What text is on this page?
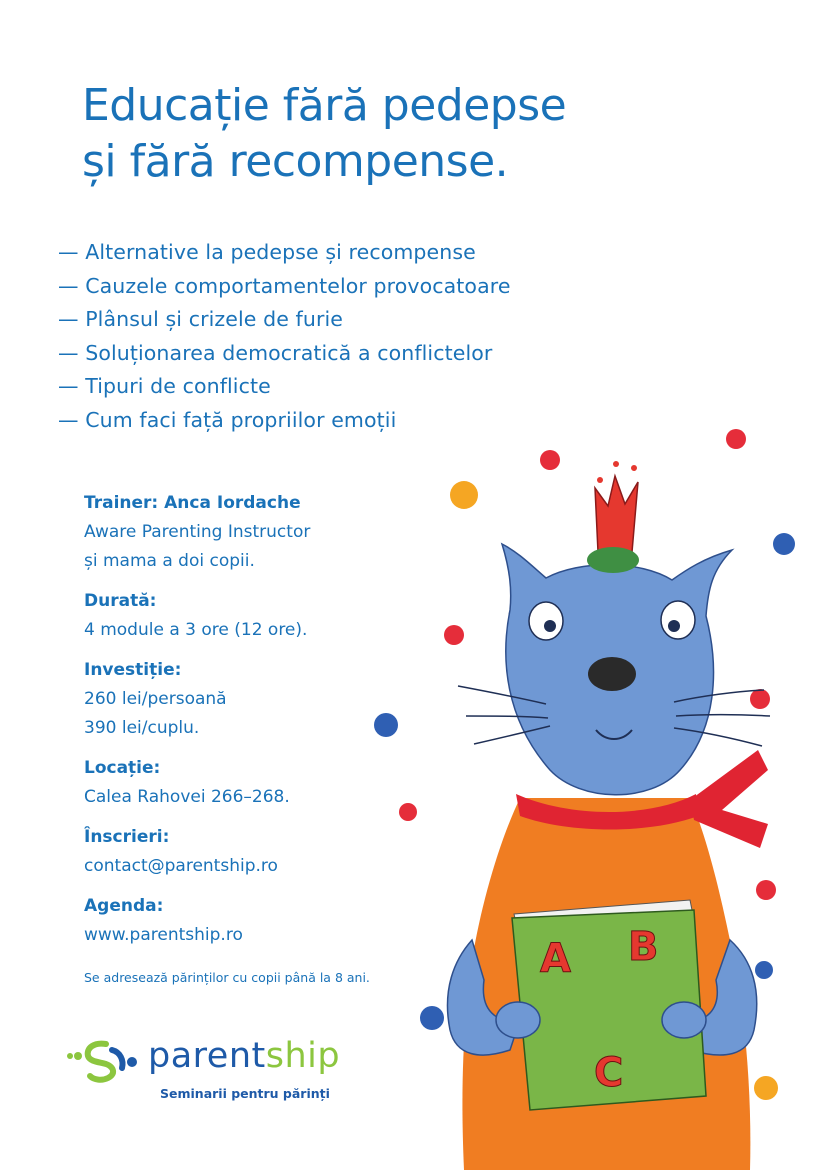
Educație fără pedepse
și fără recompense.
— Alternative la pedepse și recompense
— Cauzele comportamentelor provocatoare
— Plânsul și crizele de furie
— Soluționarea democratică a conflictelor
— Tipuri de conflicte
— Cum faci față propriilor emoții
Trainer: Anca Iordache
Aware Parenting Instructor
și mama a doi copii.
Durată:
4 module a 3 ore (12 ore).
Investiție:
260 lei/persoană
390 lei/cuplu.
Locație:
Calea Rahovei 266–268.
Înscrieri:
contact@parentship.ro
Agenda:
www.parentship.ro
Se adresează părinților cu copii până la 8 ani.
parentship
Seminarii pentru părinți
A B
C
